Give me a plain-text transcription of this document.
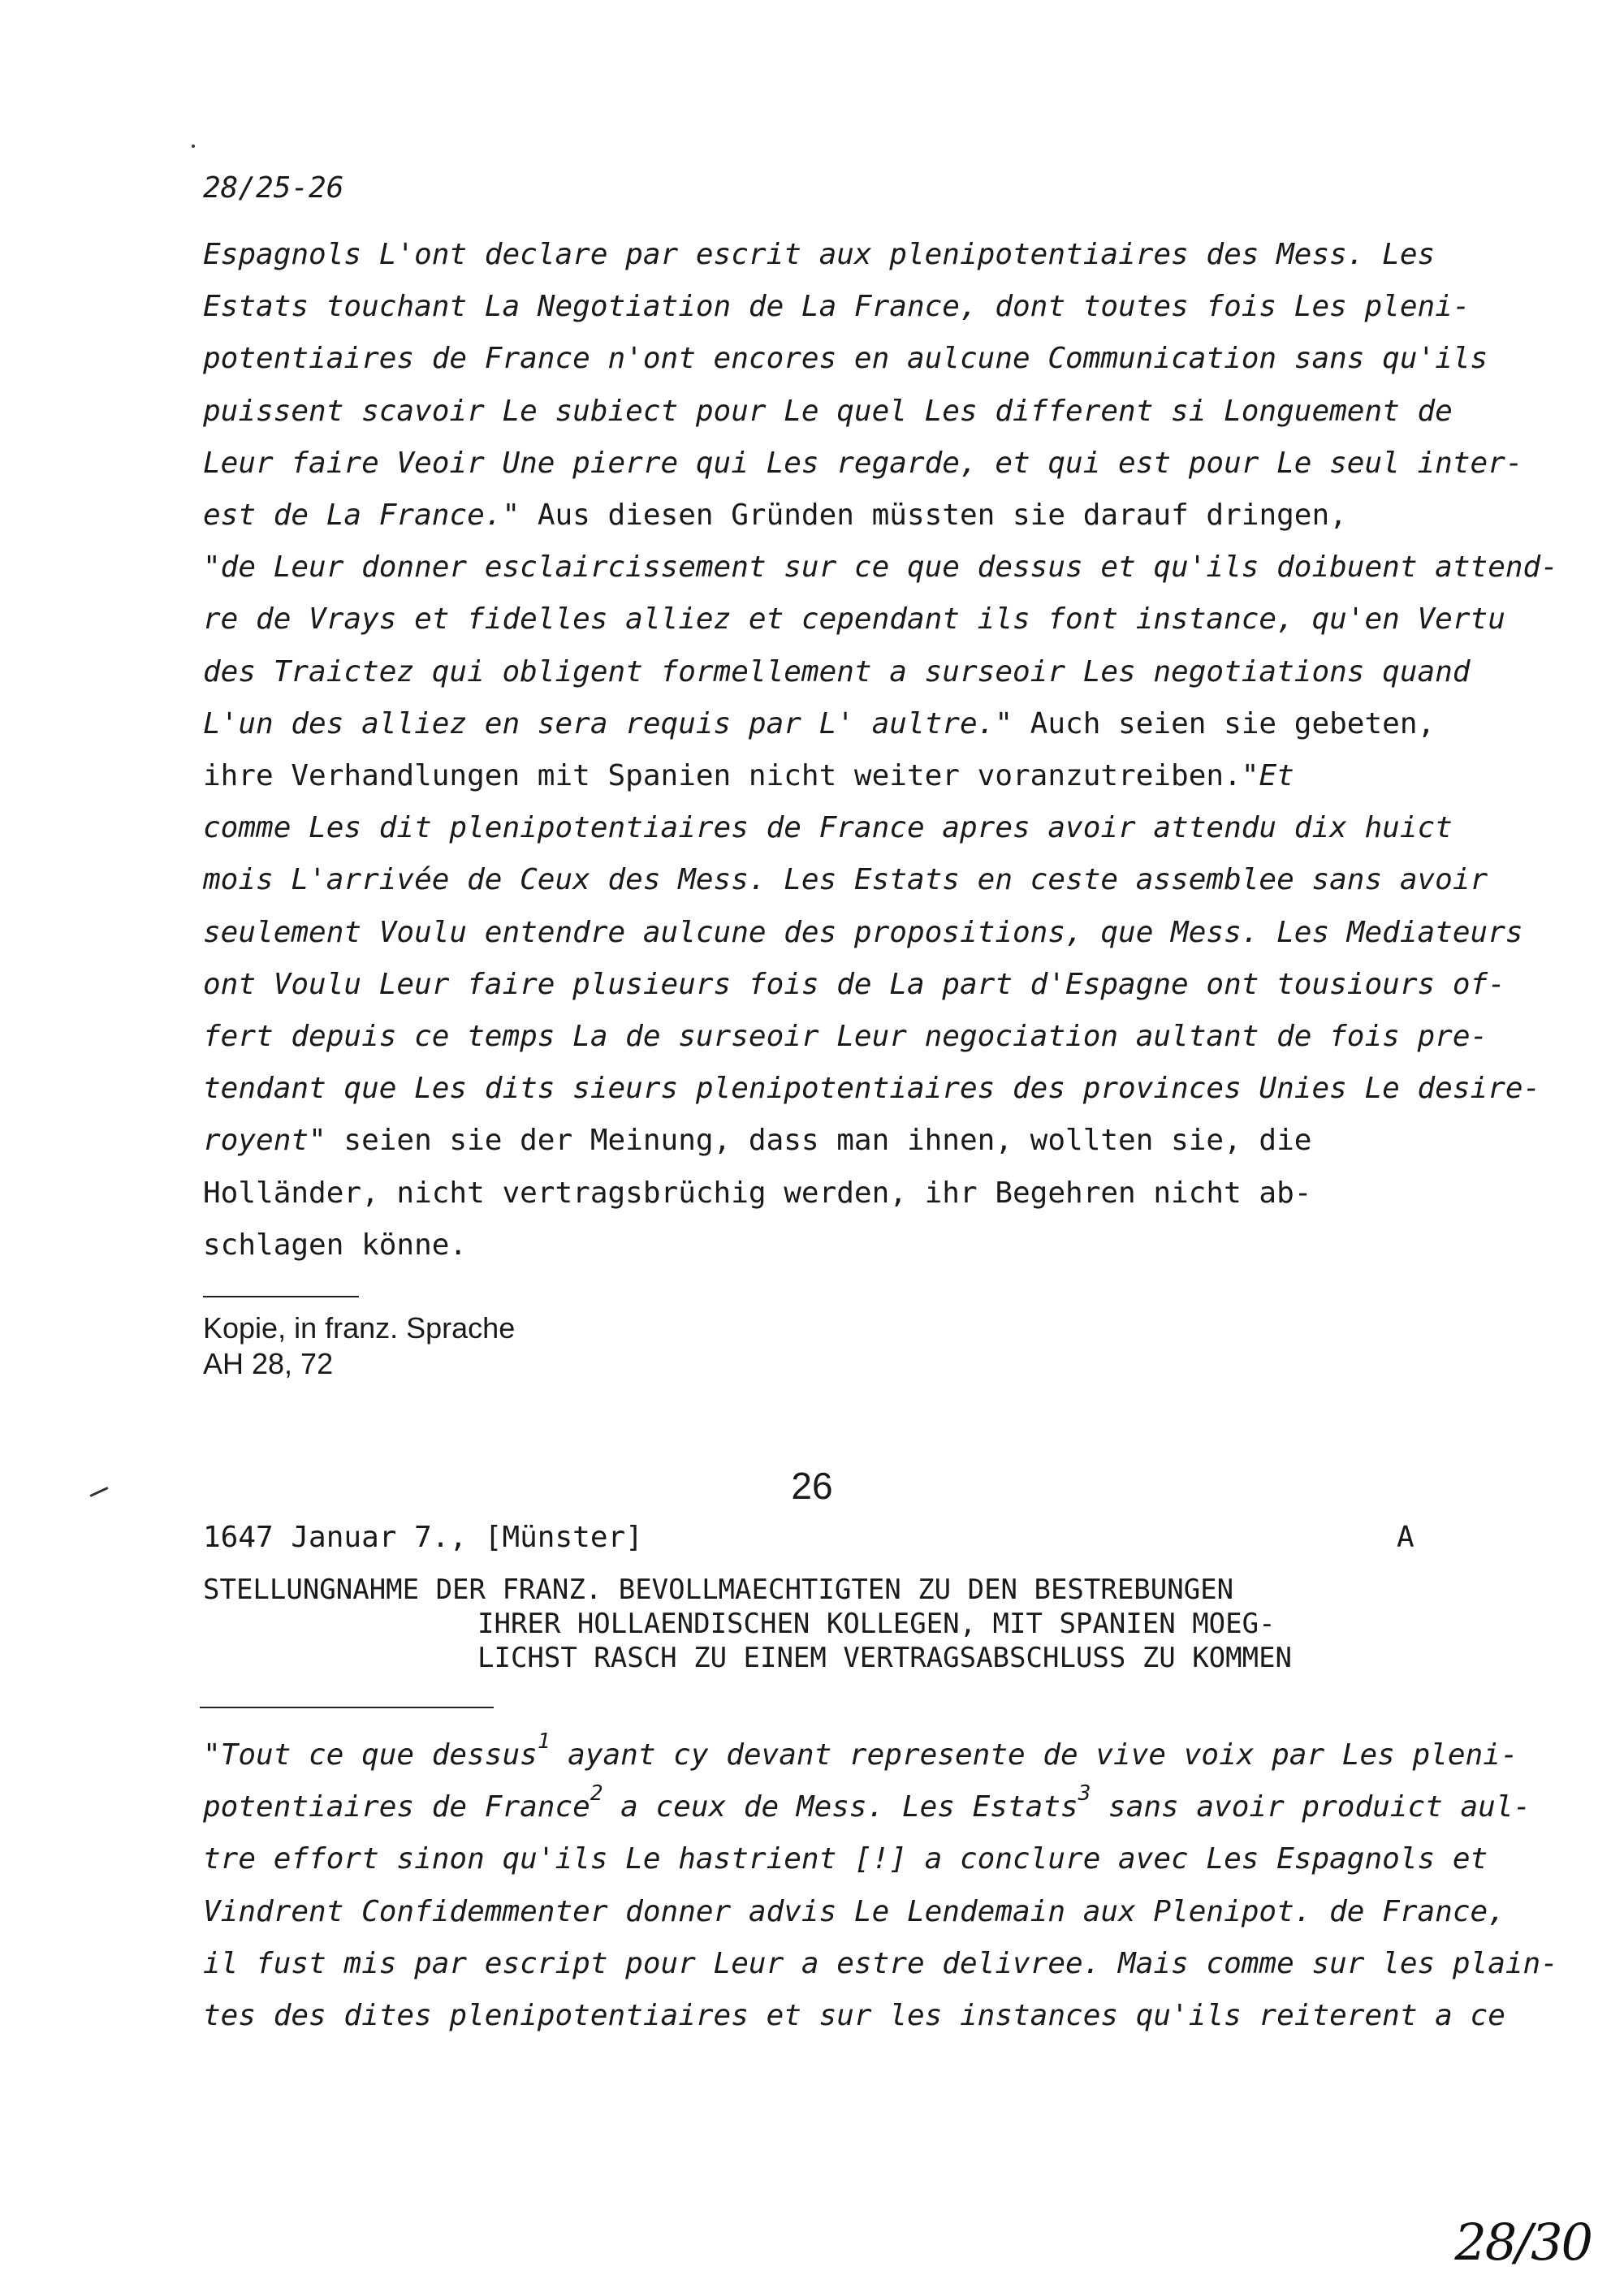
28/25-26
Espagnols L'ont declare par escrit aux plenipotentiaires des Mess. Les
Estats touchant La Negotiation de La France, dont toutes fois Les pleni-
potentiaires de France n'ont encores en aulcune Communication sans qu'ils
puissent scavoir Le subiect pour Le quel Les different si Longuement de
Leur faire Veoir Une pierre qui Les regarde, et qui est pour Le seul inter-
est de La France." Aus diesen Gründen müssten sie darauf dringen,
"de Leur donner esclaircissement sur ce que dessus et qu'ils doibuent attend-
re de Vrays et fidelles alliez et cependant ils font instance, qu'en Vertu
des Traictez qui obligent formellement a surseoir Les negotiations quand
L'un des alliez en sera requis par L' aultre." Auch seien sie gebeten,
ihre Verhandlungen mit Spanien nicht weiter voranzutreiben."Et
comme Les dit plenipotentiaires de France apres avoir attendu dix huict
mois L'arrivée de Ceux des Mess. Les Estats en ceste assemblee sans avoir
seulement Voulu entendre aulcune des propositions, que Mess. Les Mediateurs
ont Voulu Leur faire plusieurs fois de La part d'Espagne ont tousiours of-
fert depuis ce temps La de surseoir Leur negociation aultant de fois pre-
tendant que Les dits sieurs plenipotentiaires des provinces Unies Le desire-
royent" seien sie der Meinung, dass man ihnen, wollten sie, die
Holländer, nicht vertragsbrüchig werden, ihr Begehren nicht ab-
schlagen könne.
Kopie, in franz. Sprache
AH 28, 72
26
1647 Januar 7., [Münster]	A
STELLUNGNAHME DER FRANZ. BEVOLLMAECHTIGTEN ZU DEN BESTREBUNGEN
IHRER HOLLAENDISCHEN KOLLEGEN, MIT SPANIEN MOEG-
LICHST RASCH ZU EINEM VERTRAGSABSCHLUSS ZU KOMMEN
"Tout ce que dessus$^1$ ayant cy devant represente de vive voix par Les pleni-
potentiaires de France$^2$ a ceux de Mess. Les Estats$^3$ sans avoir produict aul-
tre effort sinon qu'ils Le hastrient [!] a conclure avec Les Espagnols et
Vindrent Confidemmenter donner advis Le Lendemain aux Plenipot. de France,
il fust mis par escript pour Leur a estre delivree. Mais comme sur les plain-
tes des dites plenipotentiaires et sur les instances qu'ils reiterent a ce
28/30
